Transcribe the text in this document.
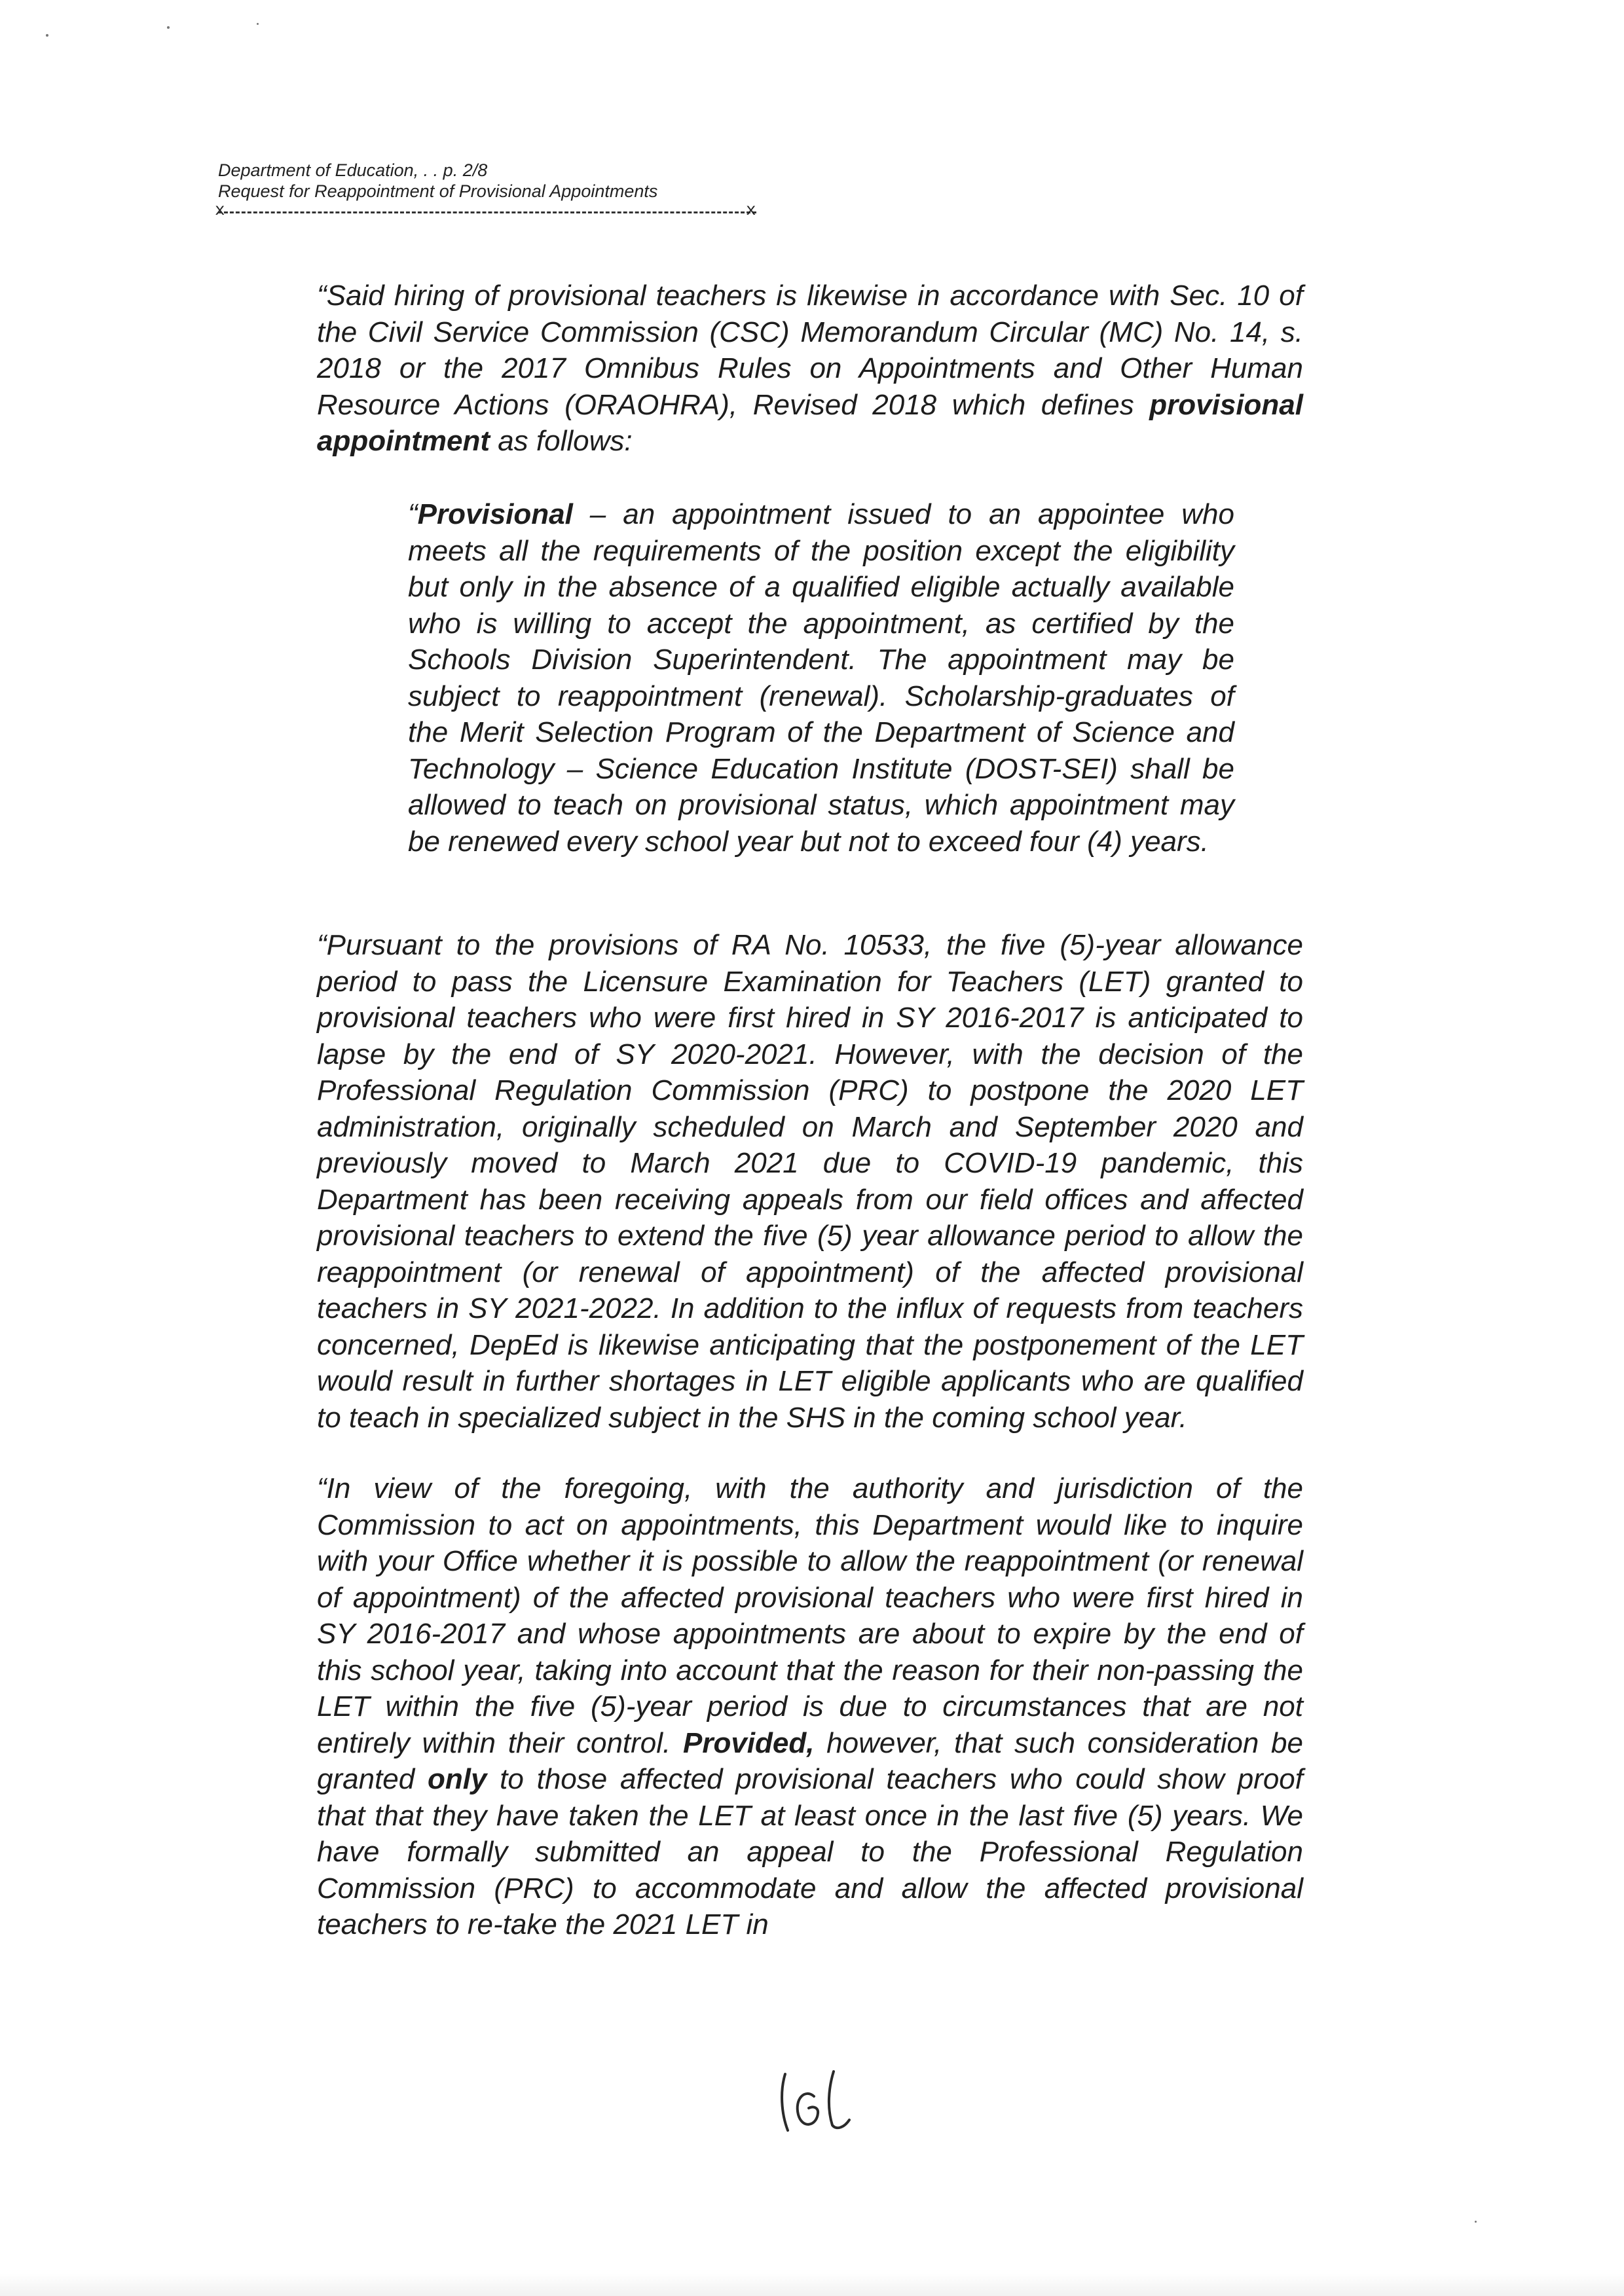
Department of Education, . . p. 2/8
Request for Reappointment of Provisional Appointments
x	x

“Said hiring of provisional teachers is likewise in accordance with Sec. 10 of the Civil Service Commission (CSC) Memorandum Circular (MC) No. 14, s. 2018 or the 2017 Omnibus Rules on Appointments and Other Human Resource Actions (ORAOHRA), Revised 2018 which defines provisional appointment as follows:

“Provisional – an appointment issued to an appointee who meets all the requirements of the position except the eligibility but only in the absence of a qualified eligible actually available who is willing to accept the appointment, as certified by the Schools Division Superintendent. The appointment may be subject to reappointment (renewal). Scholarship-graduates of the Merit Selection Program of the Department of Science and Technology – Science Education Institute (DOST-SEI) shall be allowed to teach on provisional status, which appointment may be renewed every school year but not to exceed four (4) years.

“Pursuant to the provisions of RA No. 10533, the five (5)-year allowance period to pass the Licensure Examination for Teachers (LET) granted to provisional teachers who were first hired in SY 2016-2017 is anticipated to lapse by the end of SY 2020-2021. However, with the decision of the Professional Regulation Commission (PRC) to postpone the 2020 LET administration, originally scheduled on March and September 2020 and previously moved to March 2021 due to COVID-19 pandemic, this Department has been receiving appeals from our field offices and affected provisional teachers to extend the five (5) year allowance period to allow the reappointment (or renewal of appointment) of the affected provisional teachers in SY 2021-2022. In addition to the influx of requests from teachers concerned, DepEd is likewise anticipating that the postponement of the LET would result in further shortages in LET eligible applicants who are qualified to teach in specialized subject in the SHS in the coming school year.

“In view of the foregoing, with the authority and jurisdiction of the Commission to act on appointments, this Department would like to inquire with your Office whether it is possible to allow the reappointment (or renewal of appointment) of the affected provisional teachers who were first hired in SY 2016-2017 and whose appointments are about to expire by the end of this school year, taking into account that the reason for their non-passing the LET within the five (5)-year period is due to circumstances that are not entirely within their control. Provided, however, that such consideration be granted only to those affected provisional teachers who could show proof that that they have taken the LET at least once in the last five (5) years. We have formally submitted an appeal to the Professional Regulation Commission (PRC) to accommodate and allow the affected provisional teachers to re-take the 2021 LET in
